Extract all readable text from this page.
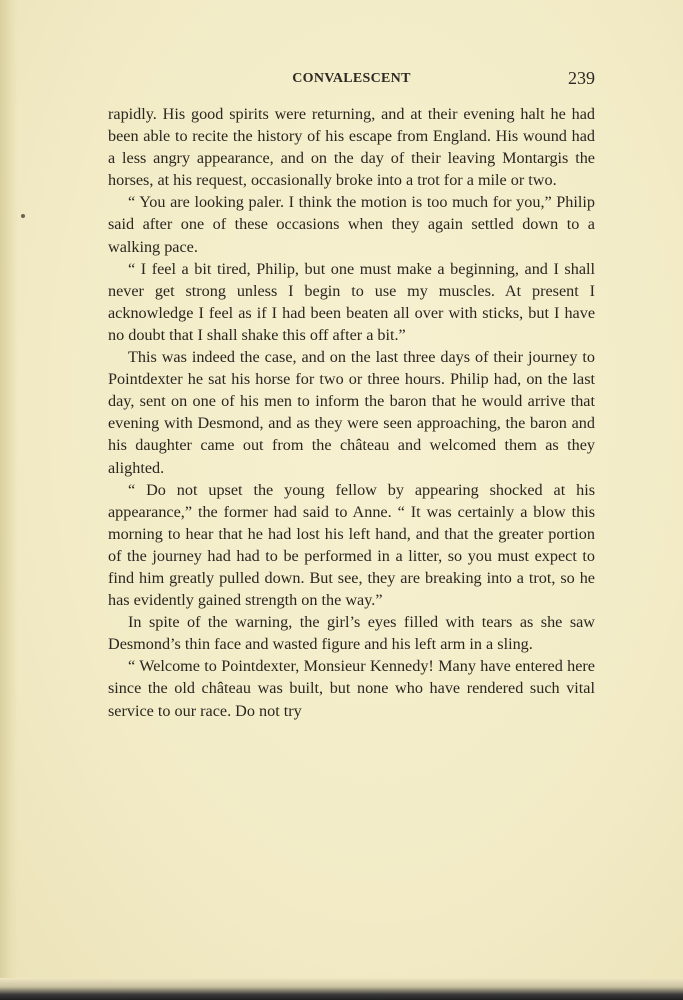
CONVALESCENT	239

rapidly. His good spirits were returning, and at their evening halt he had been able to recite the history of his escape from England. His wound had a less angry appearance, and on the day of their leaving Montargis the horses, at his request, occasionally broke into a trot for a mile or two.

“ You are looking paler. I think the motion is too much for you,” Philip said after one of these occasions when they again settled down to a walking pace.

“ I feel a bit tired, Philip, but one must make a beginning, and I shall never get strong unless I begin to use my muscles. At present I acknowledge I feel as if I had been beaten all over with sticks, but I have no doubt that I shall shake this off after a bit.”

This was indeed the case, and on the last three days of their journey to Pointdexter he sat his horse for two or three hours. Philip had, on the last day, sent on one of his men to inform the baron that he would arrive that evening with Desmond, and as they were seen approaching, the baron and his daughter came out from the château and welcomed them as they alighted.

“ Do not upset the young fellow by appearing shocked at his appearance,” the former had said to Anne. “ It was certainly a blow this morning to hear that he had lost his left hand, and that the greater portion of the journey had had to be performed in a litter, so you must expect to find him greatly pulled down. But see, they are breaking into a trot, so he has evidently gained strength on the way.”

In spite of the warning, the girl’s eyes filled with tears as she saw Desmond’s thin face and wasted figure and his left arm in a sling.

“ Welcome to Pointdexter, Monsieur Kennedy! Many have entered here since the old château was built, but none who have rendered such vital service to our race. Do not try
